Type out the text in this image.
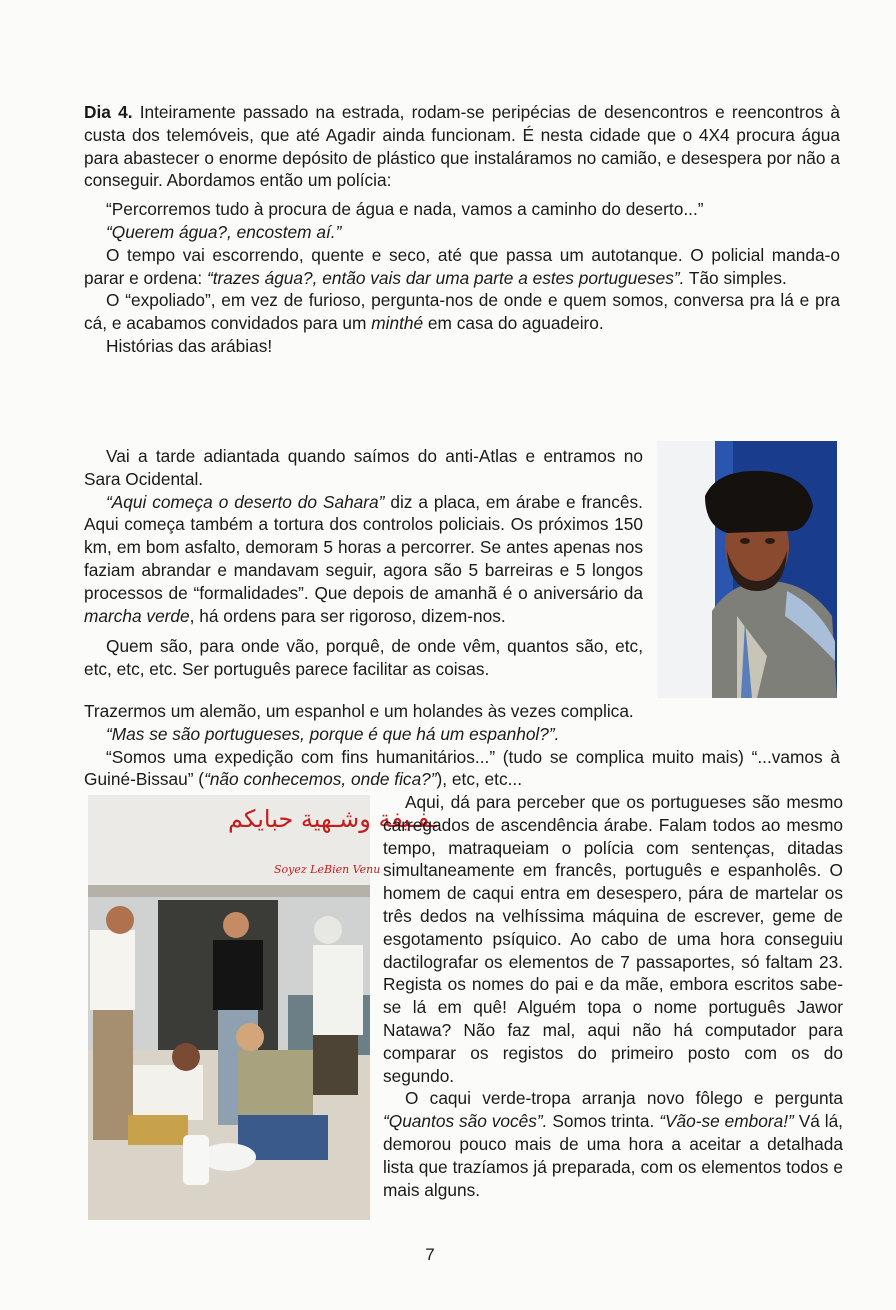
Dia 4. Inteiramente passado na estrada, rodam-se peripécias de desencontros e reencontros à custa dos telemóveis, que até Agadir ainda funcionam. É nesta cidade que o 4X4 procura água para abastecer o enorme depósito de plástico que instaláramos no camião, e desespera por não a conseguir. Abordamos então um polícia:

“Percorremos tudo à procura de água e nada, vamos a caminho do deserto...”

“Querem água?, encostem aí.”

O tempo vai escorrendo, quente e seco, até que passa um autotanque. O policial manda-o parar e ordena: “trazes água?, então vais dar uma parte a estes portugueses”. Tão simples.

O “expoliado”, em vez de furioso, pergunta-nos de onde e quem somos, conversa pra lá e pra cá, e acabamos convidados para um minthé em casa do aguadeiro.

Histórias das arábias!

Vai a tarde adiantada quando saímos do anti-Atlas e entramos no Sara Ocidental.

“Aqui começa o deserto do Sahara” diz a placa, em árabe e francês. Aqui começa também a tortura dos controlos policiais. Os próximos 150 km, em bom asfalto, demoram 5 horas a percorrer. Se antes apenas nos faziam abrandar e mandavam seguir, agora são 5 barreiras e 5 longos processos de “formalidades”. Que depois de amanhã é o aniversário da marcha verde, há ordens para ser rigoroso, dizem-nos.

Quem são, para onde vão, porquê, de onde vêm, quantos são, etc, etc, etc, etc. Ser português parece facilitar as coisas.

Trazermos um alemão, um espanhol e um holandes às vezes complica.

“Mas se são portugueses, porque é que há um espanhol?”.

“Somos uma expedição com fins humanitários...” (tudo se complica muito mais) “...vamos à Guiné-Bissau” (“não conhecemos, onde fica?”), etc, etc...

ـفـيفة وشـهية حبايكم
Soyez LeBien Venu

Aqui, dá para perceber que os portugueses são mesmo carregados de ascendência árabe. Falam todos ao mesmo tempo, matraqueiam o polícia com sentenças, ditadas simultaneamente em francês, português e espanholês. O homem de caqui entra em desespero, pára de martelar os três dedos na velhíssima máquina de escrever, geme de esgotamento psíquico. Ao cabo de uma hora conseguiu dactilografar os elementos de 7 passaportes, só faltam 23. Regista os nomes do pai e da mãe, embora escritos sabe-se lá em quê! Alguém topa o nome português Jawor Natawa? Não faz mal, aqui não há computador para comparar os registos do primeiro posto com os do segundo.

O caqui verde-tropa arranja novo fôlego e pergunta “Quantos são vocês”. Somos trinta. “Vão-se embora!” Vá lá, demorou pouco mais de uma hora a aceitar a detalhada lista que trazíamos já preparada, com os elementos todos e mais alguns.

7
